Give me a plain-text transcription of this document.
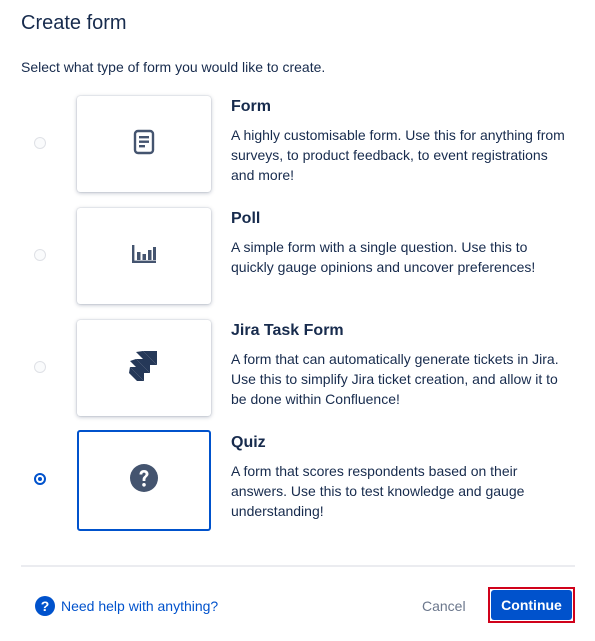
Create form
Select what type of form you would like to create.
Form
A highly customisable form. Use this for anything from surveys, to product feedback, to event registrations and more!
Poll
A simple form with a single question. Use this to quickly gauge opinions and uncover preferences!
Jira Task Form
A form that can automatically generate tickets in Jira. Use this to simplify Jira ticket creation, and allow it to be done within Confluence!
Quiz
A form that scores respondents based on their answers. Use this to test knowledge and gauge understanding!
? Need help with anything?	Cancel	Continue
